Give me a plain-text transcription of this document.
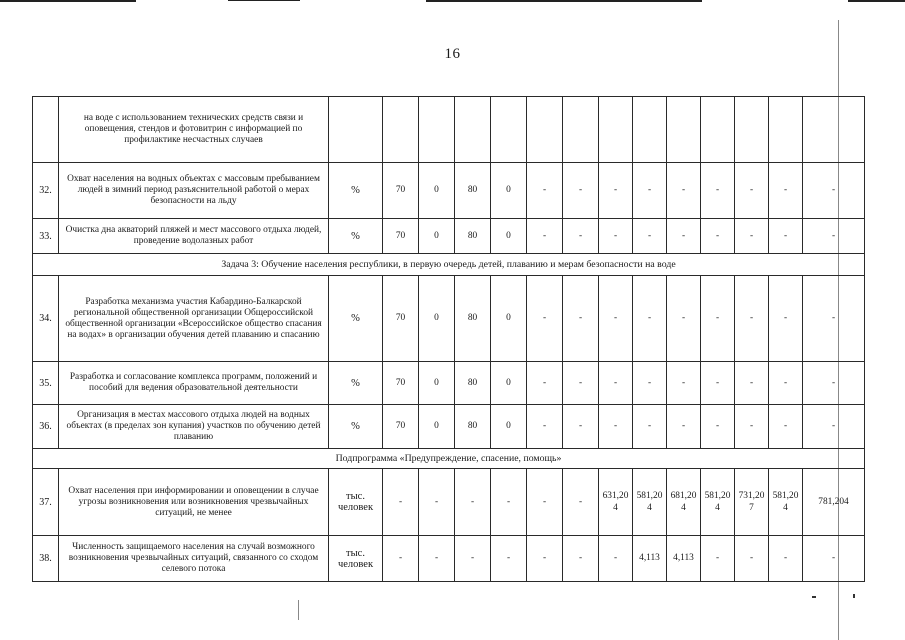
16
	на воде с использованием технических средств связи и оповещения, стендов и фотовитрин с информацией по профилактике несчастных случаев														
32.	Охват населения на водных объектах с массовым пребыванием людей в зимний период разъяснительной работой о мерах безопасности на льду	%	70	0	80	0	-	-	-	-	-	-	-	-	-
33.	Очистка дна акваторий пляжей и мест массового отдыха людей, проведение водолазных работ	%	70	0	80	0	-	-	-	-	-	-	-	-	-
Задача 3: Обучение населения республики, в первую очередь детей, плаванию и мерам безопасности на воде															
34.	Разработка механизма участия Кабардино-Балкарской региональной общественной организации Общероссийской общественной организации «Всероссийское общество спасания на водах» в организации обучения детей плаванию и спасанию	%	70	0	80	0	-	-	-	-	-	-	-	-	-
35.	Разработка и согласование комплекса программ, положений и пособий для ведения образовательной деятельности	%	70	0	80	0	-	-	-	-	-	-	-	-	-
36.	Организация в местах массового отдыха людей на водных объектах (в пределах зон купания) участков по обучению детей плаванию	%	70	0	80	0	-	-	-	-	-	-	-	-	-
Подпрограмма «Предупреждение, спасение, помощь»															
37.	Охват населения при информировании и оповещении в случае угрозы возникновения или возникновения чрезвычайных ситуаций, не менее	тыс. человек	-	-	-	-	-	-	631,204	581,204	681,204	581,204	731,207	581,204	781,204
38.	Численность защищаемого населения на случай возможного возникновения чрезвычайных ситуаций, связанного со сходом селевого потока	тыс. человек	-	-	-	-	-	-	-	4,113	4,113	-	-	-	-
